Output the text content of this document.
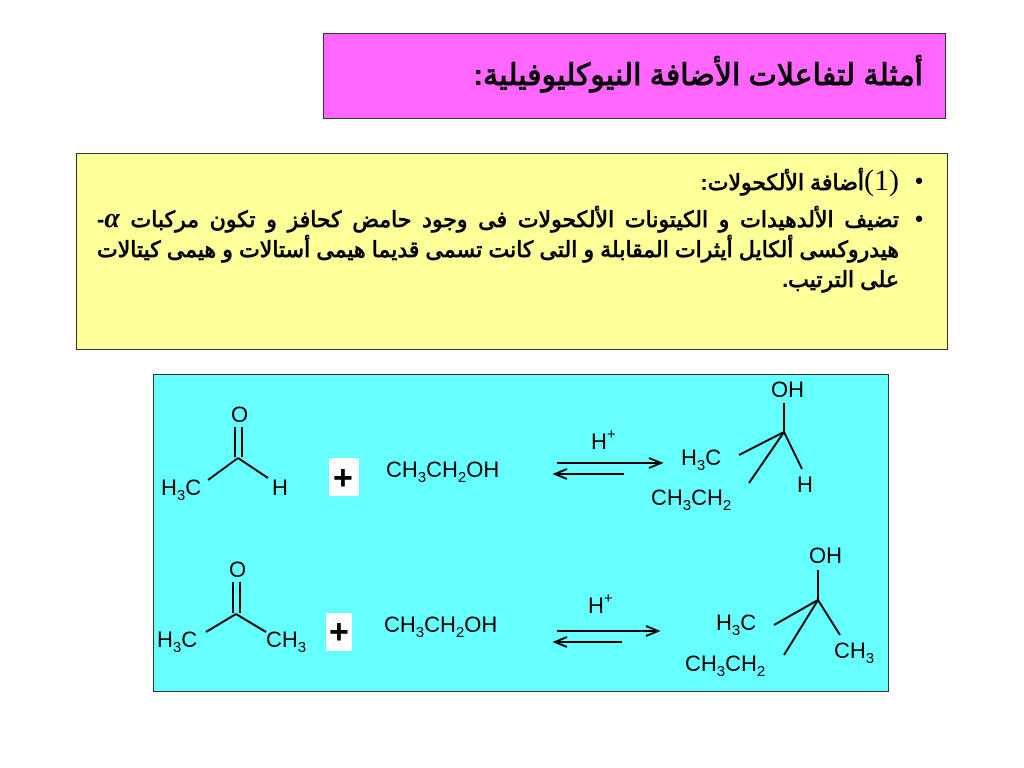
أمثلة لتفاعلات الأضافة النيوكليوفيلية:
•
(1)أضافة الألكحولات:
•
تضيف الألدهيدات و الكيتونات الألكحولات فى وجود حامض كحافز و تكون مركبات α- هيدروكسى ألكايل أيثرات المقابلة و التى كانت تسمى قديما هيمى أستالات و هيمى كيتالات على الترتيب.
O
$H_3C$	$H + CH_3CH_2OH$
H+
OH
$H_3C$
H
$CH_3CH_2$
O
$H_3C$	$CH_3 + CH_3CH_2OH$
H+
OH
$H_3C$
$CH_3$
$CH_3CH_2$
